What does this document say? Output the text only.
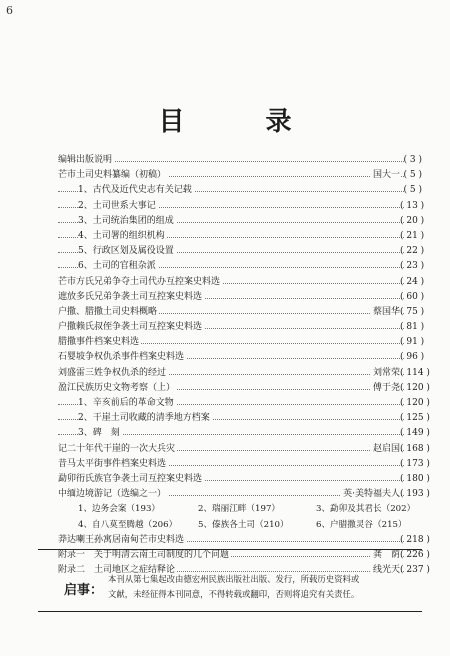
6
目 录
编辑出版说明	( 3 )
芒市土司史料纂编（初稿）	国大一 ( 5 )
1、古代及近代史志有关记载	( 5 )
2、土司世系大事记	( 13 )
3、土司统治集团的组成	( 20 )
4、土司署的组织机构	( 21 )
5、行政区划及属役设置	( 22 )
6、土司的官租杂派	( 23 )
芒市方氏兄弟争夺土司代办互控案史料选	( 24 )
遮放多氏兄弟争袭土司互控案史料选	( 60 )
户撒、腊撒土司史料概略	蔡国华 ( 75 )
户撒赖氏叔侄争袭土司互控案史料选	( 81 )
腊撒事件档案史料选	( 91 )
石婴坡争权仇杀事件档案史料选	( 96 )
刘盛雷三姓争权仇杀的经过	刘常荣 ( 114 )
盈江民族历史文物考察（上）	傅于尧 ( 120 )
1、辛亥前后的革命文物	( 120 )
2、干崖土司收藏的清季地方档案	( 125 )
3、碑　刻	( 149 )
记二十年代干崖的一次大兵灾	赵启国 ( 168 )
昔马太平街事件档案史料选	( 173 )
勐卯衎氏族官争袭土司互控案史料选	( 180 )
中缅边境游记（选编之一）	英·美特福夫人 ( 193 )
1、边务会案（193）	2、瑞丽江畔（197）	3、勐卯及其君长（202）
4、自八莫至腾越（206） 5、傣族各土司（210）	6、户腊撒灵谷（215）
莽达喇王孙寓居南甸芒市史料选	( 218 )
附录一　关于明清云南土司制度的几个问题	龚　荫 ( 226 )
附录二　土司地区之症结释论	线光天 ( 237 )
启事：
本刊从第七集起改由德宏州民族出版社出版、发行，所载历史资料或
文献，未经征得本刊同意，不得转载或翻印，否则将追究有关责任。
